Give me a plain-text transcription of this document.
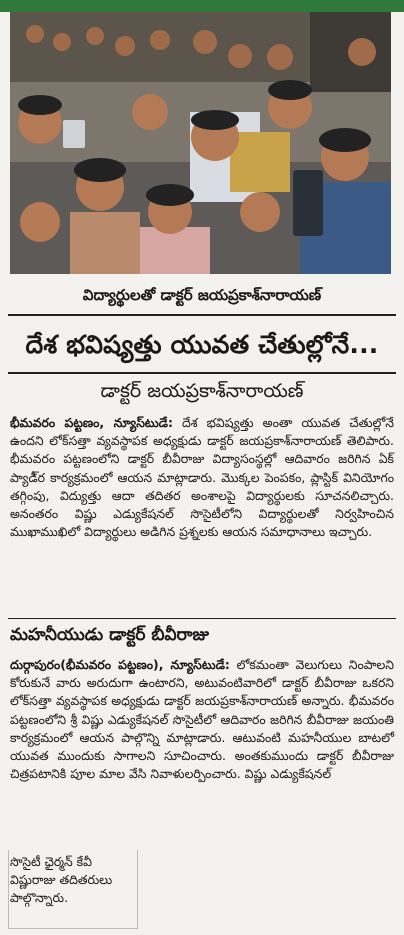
విద్యార్థులతో డాక్టర్ జయప్రకాశ్‌నారాయణ్
దేశ భవిష్యత్తు యువత చేతుల్లోనే...
డాక్టర్ జయప్రకాశ్‌నారాయణ్

భీమవరం పట్టణం, న్యూస్‌టుడే: దేశ భవిష్యత్తు అంతా యువత చేతుల్లోనే ఉందని లోక్‌సత్తా వ్యవస్థాపక అధ్యక్షుడు డాక్టర్ జయప్రకాశ్‌నారాయణ్ తెలిపారు. భీమవరం పట్టణంలోని డాక్టర్ బీవీరాజు విద్యాసంస్థల్లో ఆదివారం జరిగిన ఏక్ ప్యాడీ్ర కార్యక్రమంలో ఆయన మాట్లాడారు. మొక్కల పెంపకం, ప్లాస్టిక్ వినియోగం తగ్గింపు, విద్యుత్తు ఆదా తదితర అంశాలపై విద్యార్థులకు సూచనలిచ్చారు. అనంతరం విష్ణు ఎడ్యుకేషనల్ సొసైటీలోని విద్యార్థులతో నిర్వహించిన ముఖాముఖిలో విద్యార్థులు అడిగిన ప్రశ్నలకు ఆయన సమాధానాలు ఇచ్చారు.

మహనీయుడు డాక్టర్ బీవీరాజు

దుర్గాపురం(భీమవరం పట్టణం), న్యూస్‌టుడే: లోకమంతా వెలుగులు నింపాలని కోరుకునే వారు అరుదుగా ఉంటారని, అటువంటివారిలో డాక్టర్ బీవీరాజు ఒకరని లోక్‌సత్తా వ్యవస్థాపక అధ్యక్షుడు డాక్టర్ జయప్రకాశ్‌నారాయణ్ అన్నారు. భీమవరం పట్టణంలోని శ్రీ విష్ణు ఎడ్యుకేషనల్ సొసైటీలో ఆదివారం జరిగిన బీవీరాజు జయంతి కార్యక్రమంలో ఆయన పాల్గొన్ని మాట్లాడారు. ఆటువంటి మహనీయుల బాటలో యువత ముందుకు సాగాలని సూచించారు. అంతకుముందు డాక్టర్ బీవీరాజు చిత్రపటానికి పూల మాల వేసి నివాళులర్పించారు. విష్ణు ఎడ్యుకేషనల్

సొసైటీ ఛైర్మన్ కేవీ విష్ణురాజు తదితరులు పాల్గొన్నారు.
